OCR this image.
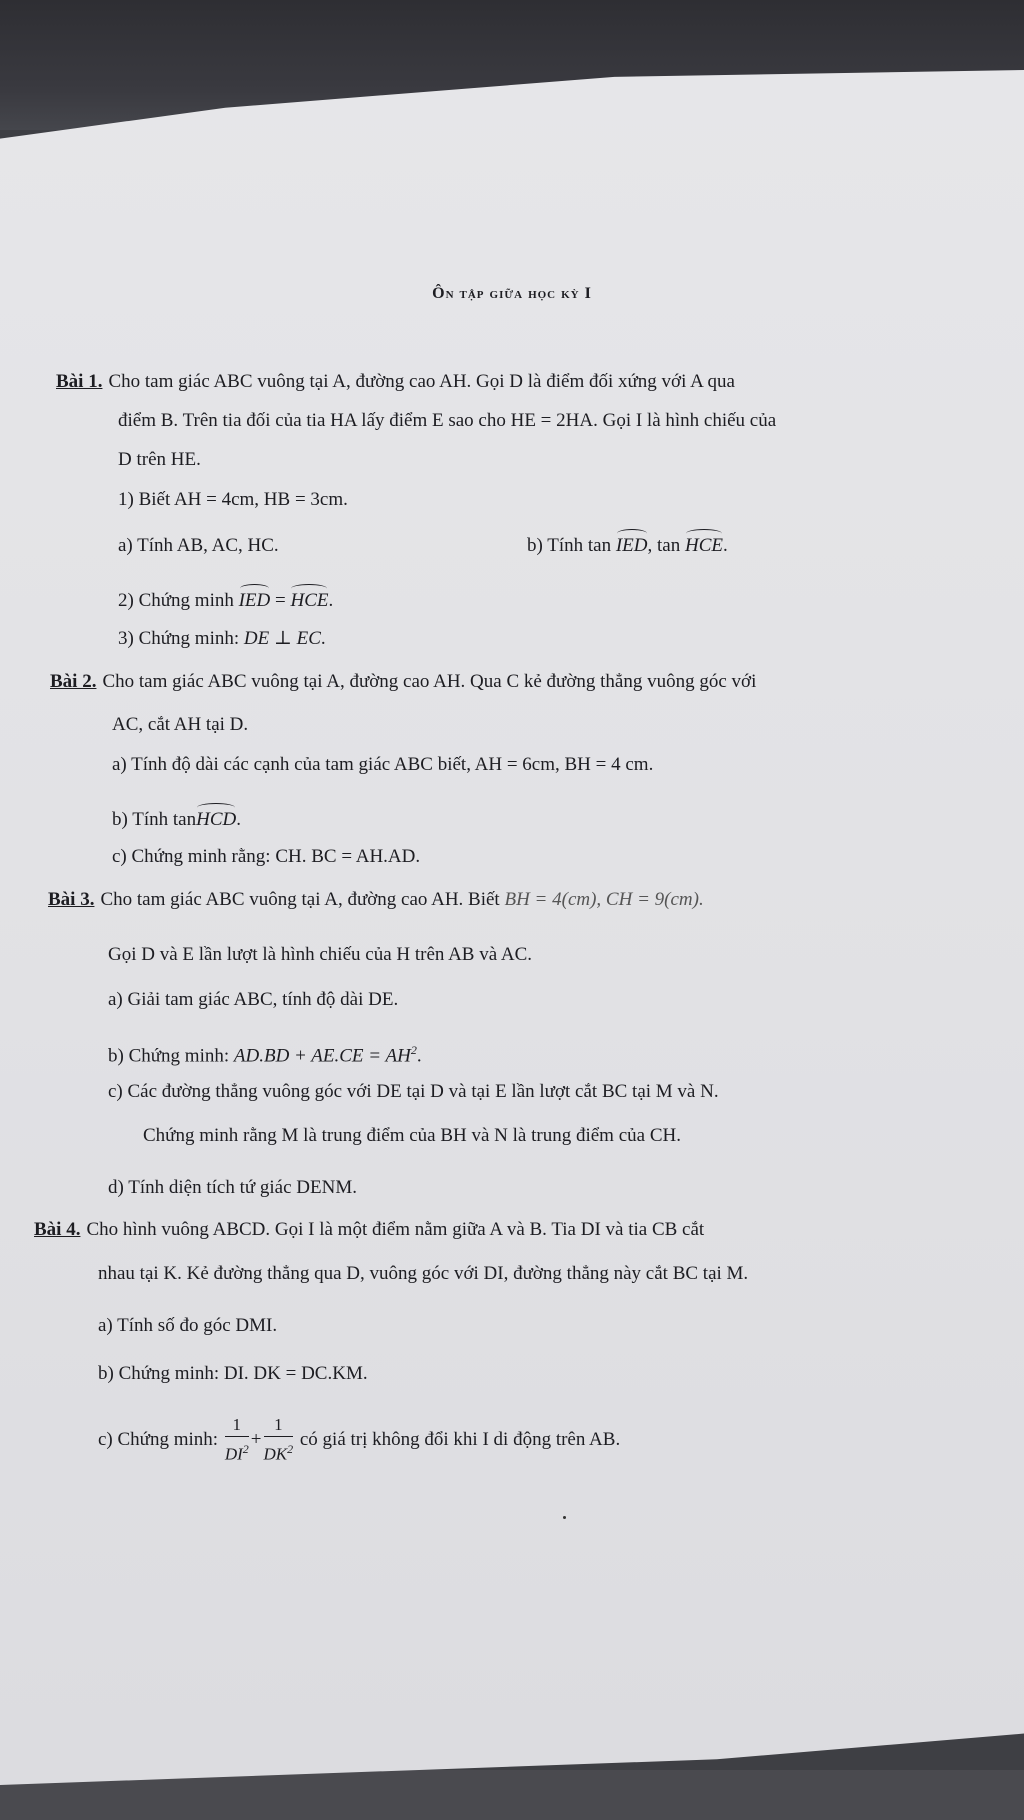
Ôn tập giữa học kỳ I
Bài 1. Cho tam giác ABC vuông tại A, đường cao AH. Gọi D là điểm đối xứng với A qua
điểm B. Trên tia đối của tia HA lấy điểm E sao cho HE = 2HA. Gọi I là hình chiếu của
D trên HE.
1) Biết AH = 4cm, HB = 3cm.
a) Tính AB, AC, HC.	b) Tính tan IED, tan HCE.
2) Chứng minh IED = HCE.
3) Chứng minh: DE ⊥ EC.
Bài 2. Cho tam giác ABC vuông tại A, đường cao AH. Qua C kẻ đường thẳng vuông góc với
AC, cắt AH tại D.
a) Tính độ dài các cạnh của tam giác ABC biết, AH = 6cm, BH = 4 cm.
b) Tính tanHCD.
c) Chứng minh rằng: CH. BC = AH.AD.
Bài 3. Cho tam giác ABC vuông tại A, đường cao AH. Biết BH = 4(cm), CH = 9(cm).
Gọi D và E lần lượt là hình chiếu của H trên AB và AC.
a) Giải tam giác ABC, tính độ dài DE.
b) Chứng minh: $AD.BD + AE.CE = AH^2$.
c) Các đường thẳng vuông góc với DE tại D và tại E lần lượt cắt BC tại M và N.
Chứng minh rằng M là trung điểm của BH và N là trung điểm của CH.
d) Tính diện tích tứ giác DENM.
Bài 4. Cho hình vuông ABCD. Gọi I là một điểm nằm giữa A và B. Tia DI và tia CB cắt
nhau tại K. Kẻ đường thẳng qua D, vuông góc với DI, đường thẳng này cắt BC tại M.
a) Tính số đo góc DMI.
b) Chứng minh: DI. DK = DC.KM.
c) Chứng minh: $\frac{1}{DI^2} + \frac{1}{DK^2}$ có giá trị không đổi khi I di động trên AB.
